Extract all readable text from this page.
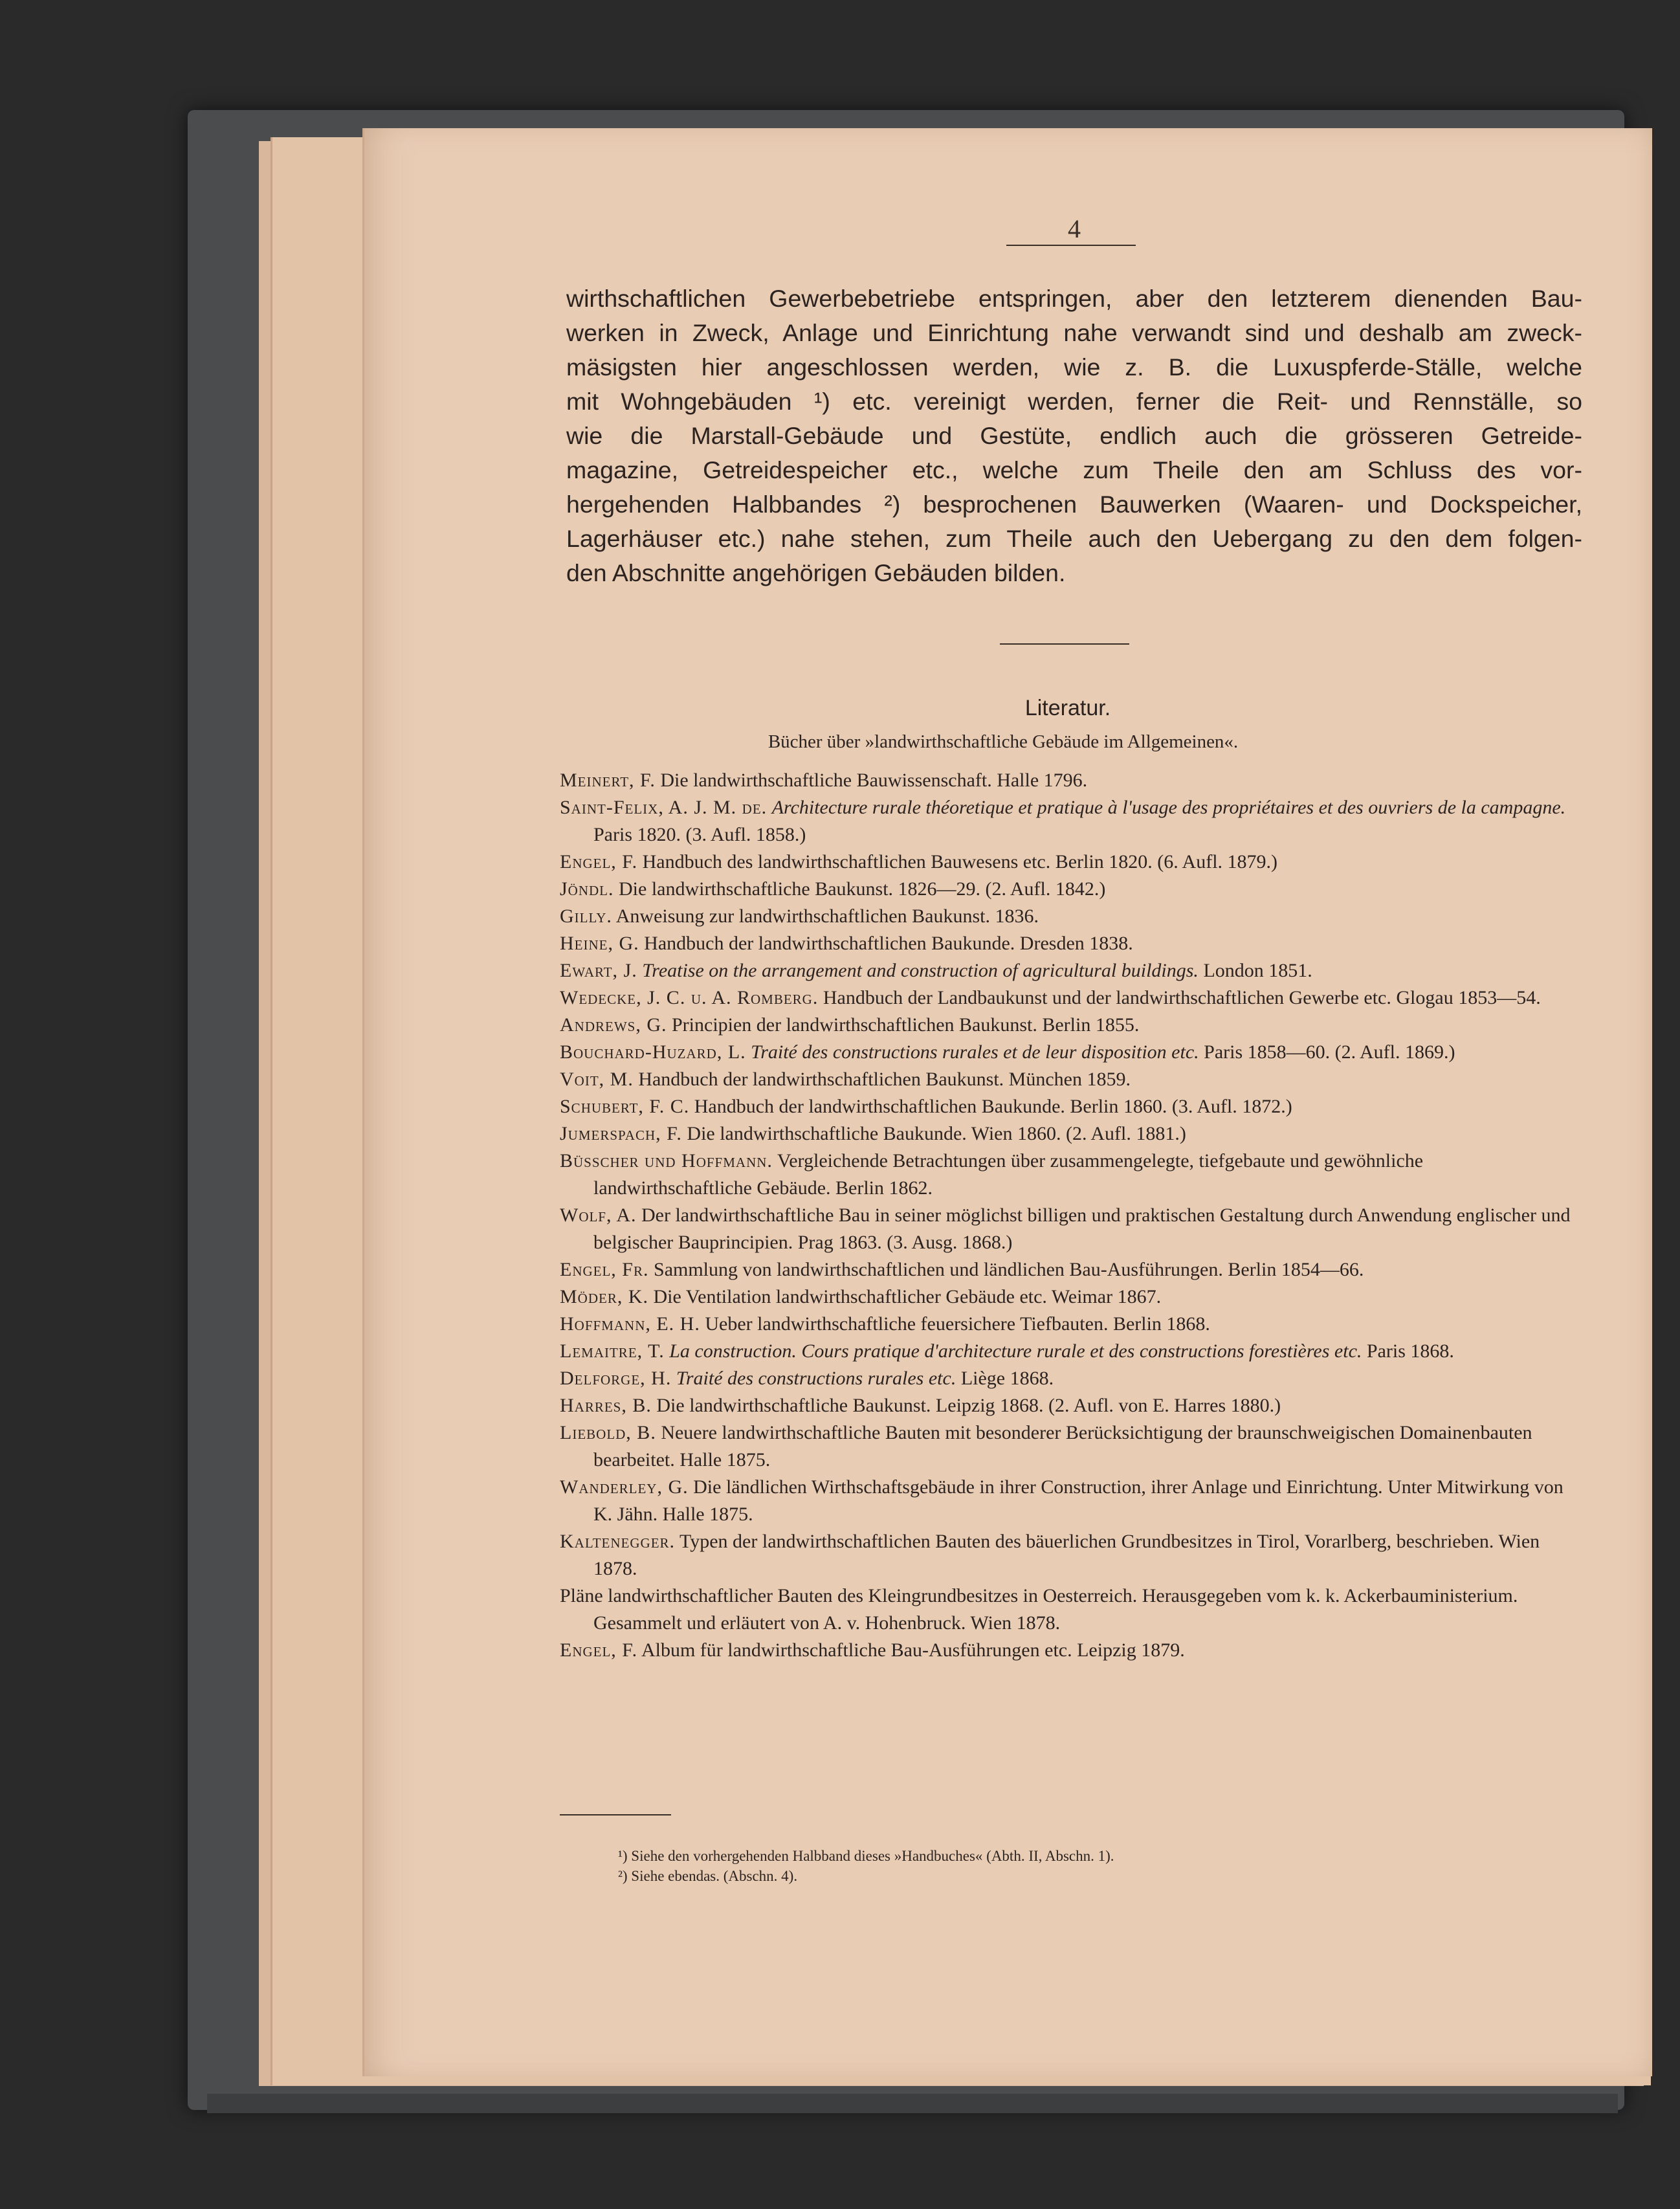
4
wirthschaftlichen Gewerbebetriebe entspringen, aber den letzterem dienenden Bau-
werken in Zweck, Anlage und Einrichtung nahe verwandt sind und deshalb am zweck-
mäsigsten hier angeschlossen werden, wie z. B. die Luxuspferde-Ställe, welche
mit Wohngebäuden ¹) etc. vereinigt werden, ferner die Reit- und Rennställe, so
wie die Marstall-Gebäude und Gestüte, endlich auch die grösseren Getreide-
magazine, Getreidespeicher etc., welche zum Theile den am Schluss des vor-
hergehenden Halbbandes ²) besprochenen Bauwerken (Waaren- und Dockspeicher,
Lagerhäuser etc.) nahe stehen, zum Theile auch den Uebergang zu den dem folgen-
den Abschnitte angehörigen Gebäuden bilden.
Literatur.
Bücher über »landwirthschaftliche Gebäude im Allgemeinen«.

Meinert, F. Die landwirthschaftliche Bauwissenschaft. Halle 1796.

Saint-Felix, A. J. M. de. Architecture rurale théoretique et pratique à l'usage des propriétaires et des ouvriers de la campagne. Paris 1820. (3. Aufl. 1858.)

Engel, F. Handbuch des landwirthschaftlichen Bauwesens etc. Berlin 1820. (6. Aufl. 1879.)

Jöndl. Die landwirthschaftliche Baukunst. 1826—29. (2. Aufl. 1842.)

Gilly. Anweisung zur landwirthschaftlichen Baukunst. 1836.

Heine, G. Handbuch der landwirthschaftlichen Baukunde. Dresden 1838.

Ewart, J. Treatise on the arrangement and construction of agricultural buildings. London 1851.

Wedecke, J. C. u. A. Romberg. Handbuch der Landbaukunst und der landwirthschaftlichen Gewerbe etc. Glogau 1853—54.

Andrews, G. Principien der landwirthschaftlichen Baukunst. Berlin 1855.

Bouchard-Huzard, L. Traité des constructions rurales et de leur disposition etc. Paris 1858—60. (2. Aufl. 1869.)

Voit, M. Handbuch der landwirthschaftlichen Baukunst. München 1859.

Schubert, F. C. Handbuch der landwirthschaftlichen Baukunde. Berlin 1860. (3. Aufl. 1872.)

Jumerspach, F. Die landwirthschaftliche Baukunde. Wien 1860. (2. Aufl. 1881.)

Büsscher und Hoffmann. Vergleichende Betrachtungen über zusammengelegte, tiefgebaute und gewöhnliche landwirthschaftliche Gebäude. Berlin 1862.

Wolf, A. Der landwirthschaftliche Bau in seiner möglichst billigen und praktischen Gestaltung durch Anwendung englischer und belgischer Bauprincipien. Prag 1863. (3. Ausg. 1868.)

Engel, Fr. Sammlung von landwirthschaftlichen und ländlichen Bau-Ausführungen. Berlin 1854—66.

Möder, K. Die Ventilation landwirthschaftlicher Gebäude etc. Weimar 1867.

Hoffmann, E. H. Ueber landwirthschaftliche feuersichere Tiefbauten. Berlin 1868.

Lemaitre, T. La construction. Cours pratique d'architecture rurale et des constructions forestières etc. Paris 1868.

Delforge, H. Traité des constructions rurales etc. Liège 1868.

Harres, B. Die landwirthschaftliche Baukunst. Leipzig 1868. (2. Aufl. von E. Harres 1880.)

Liebold, B. Neuere landwirthschaftliche Bauten mit besonderer Berücksichtigung der braunschweigischen Domainenbauten bearbeitet. Halle 1875.

Wanderley, G. Die ländlichen Wirthschaftsgebäude in ihrer Construction, ihrer Anlage und Einrichtung. Unter Mitwirkung von K. Jähn. Halle 1875.

Kaltenegger. Typen der landwirthschaftlichen Bauten des bäuerlichen Grundbesitzes in Tirol, Vorarlberg, beschrieben. Wien 1878.

Pläne landwirthschaftlicher Bauten des Kleingrundbesitzes in Oesterreich. Herausgegeben vom k. k. Ackerbauministerium. Gesammelt und erläutert von A. v. Hohenbruck. Wien 1878.

Engel, F. Album für landwirthschaftliche Bau-Ausführungen etc. Leipzig 1879.

¹) Siehe den vorhergehenden Halbband dieses »Handbuches« (Abth. II, Abschn. 1).

²) Siehe ebendas. (Abschn. 4).
